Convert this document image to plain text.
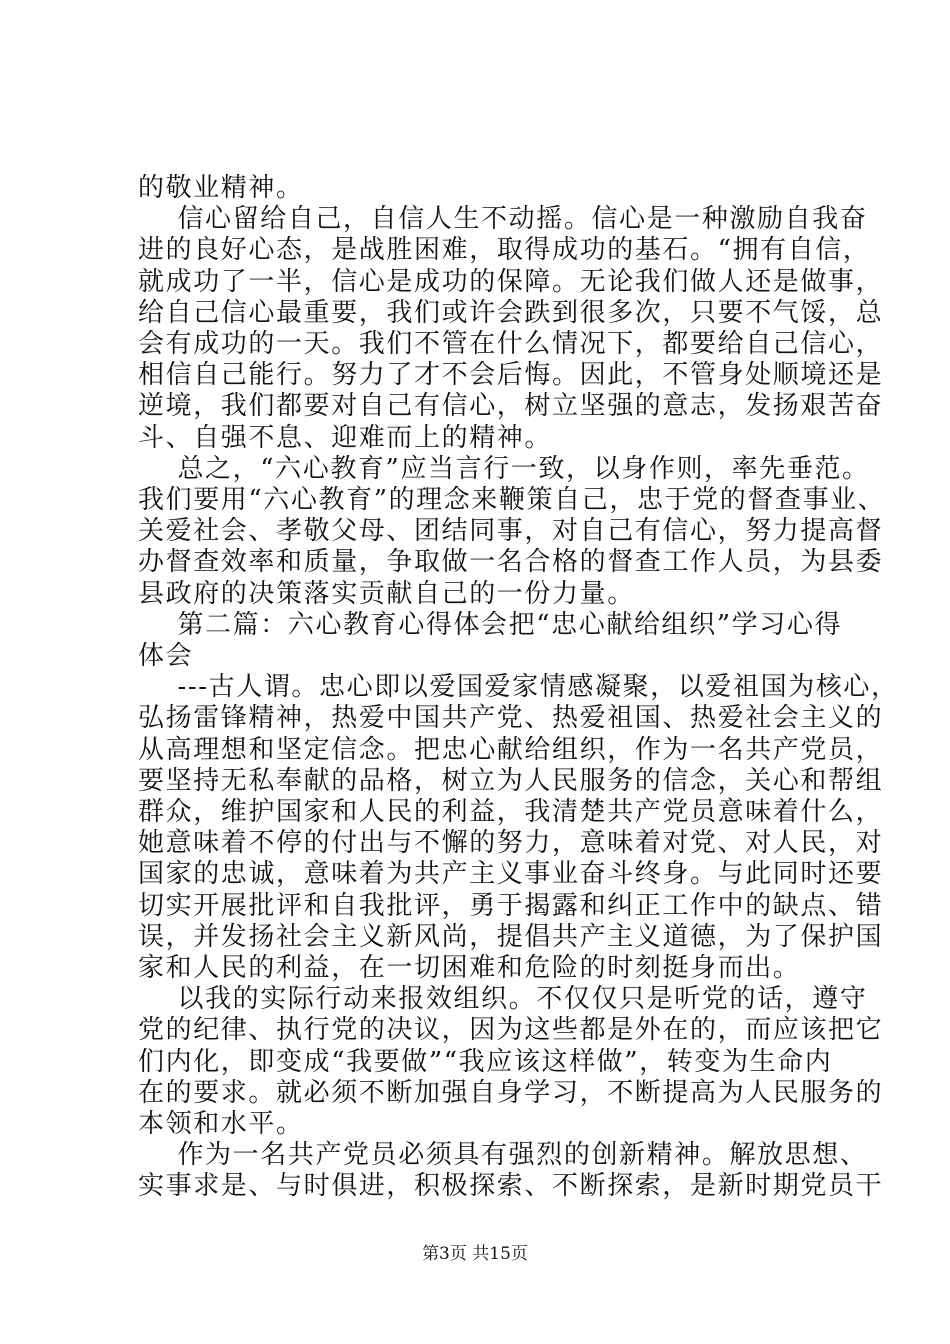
的敬业精神。
信心留给自己，自信人生不动摇。信心是一种激励自我奋
进的良好心态，是战胜困难，取得成功的基石。“拥有自信，
就成功了一半，信心是成功的保障。无论我们做人还是做事，
给自己信心最重要，我们或许会跌到很多次，只要不气馁，总
会有成功的一天。我们不管在什么情况下，都要给自己信心，
相信自己能行。努力了才不会后悔。因此，不管身处顺境还是
逆境，我们都要对自己有信心，树立坚强的意志，发扬艰苦奋
斗、自强不息、迎难而上的精神。
总之，“六心教育”应当言行一致，以身作则，率先垂范。
我们要用“六心教育”的理念来鞭策自己，忠于党的督查事业、
关爱社会、孝敬父母、团结同事，对自己有信心，努力提高督
办督查效率和质量，争取做一名合格的督查工作人员，为县委
县政府的决策落实贡献自己的一份力量。
第二篇：六心教育心得体会把“忠心献给组织”学习心得
体会
---古人谓。忠心即以爱国爱家情感凝聚，以爱祖国为核心，
弘扬雷锋精神，热爱中国共产党、热爱祖国、热爱社会主义的
从高理想和坚定信念。把忠心献给组织，作为一名共产党员，
要坚持无私奉献的品格，树立为人民服务的信念，关心和帮组
群众，维护国家和人民的利益，我清楚共产党员意味着什么，
她意味着不停的付出与不懈的努力，意味着对党、对人民，对
国家的忠诚，意味着为共产主义事业奋斗终身。与此同时还要
切实开展批评和自我批评，勇于揭露和纠正工作中的缺点、错
误，并发扬社会主义新风尚，提倡共产主义道德，为了保护国
家和人民的利益，在一切困难和危险的时刻挺身而出。
以我的实际行动来报效组织。不仅仅只是听党的话，遵守
党的纪律、执行党的决议，因为这些都是外在的，而应该把它
们内化，即变成“我要做”“我应该这样做”，转变为生命内
在的要求。就必须不断加强自身学习，不断提高为人民服务的
本领和水平。
作为一名共产党员必须具有强烈的创新精神。解放思想、
实事求是、与时俱进，积极探索、不断探索，是新时期党员干
第3页 共15页
